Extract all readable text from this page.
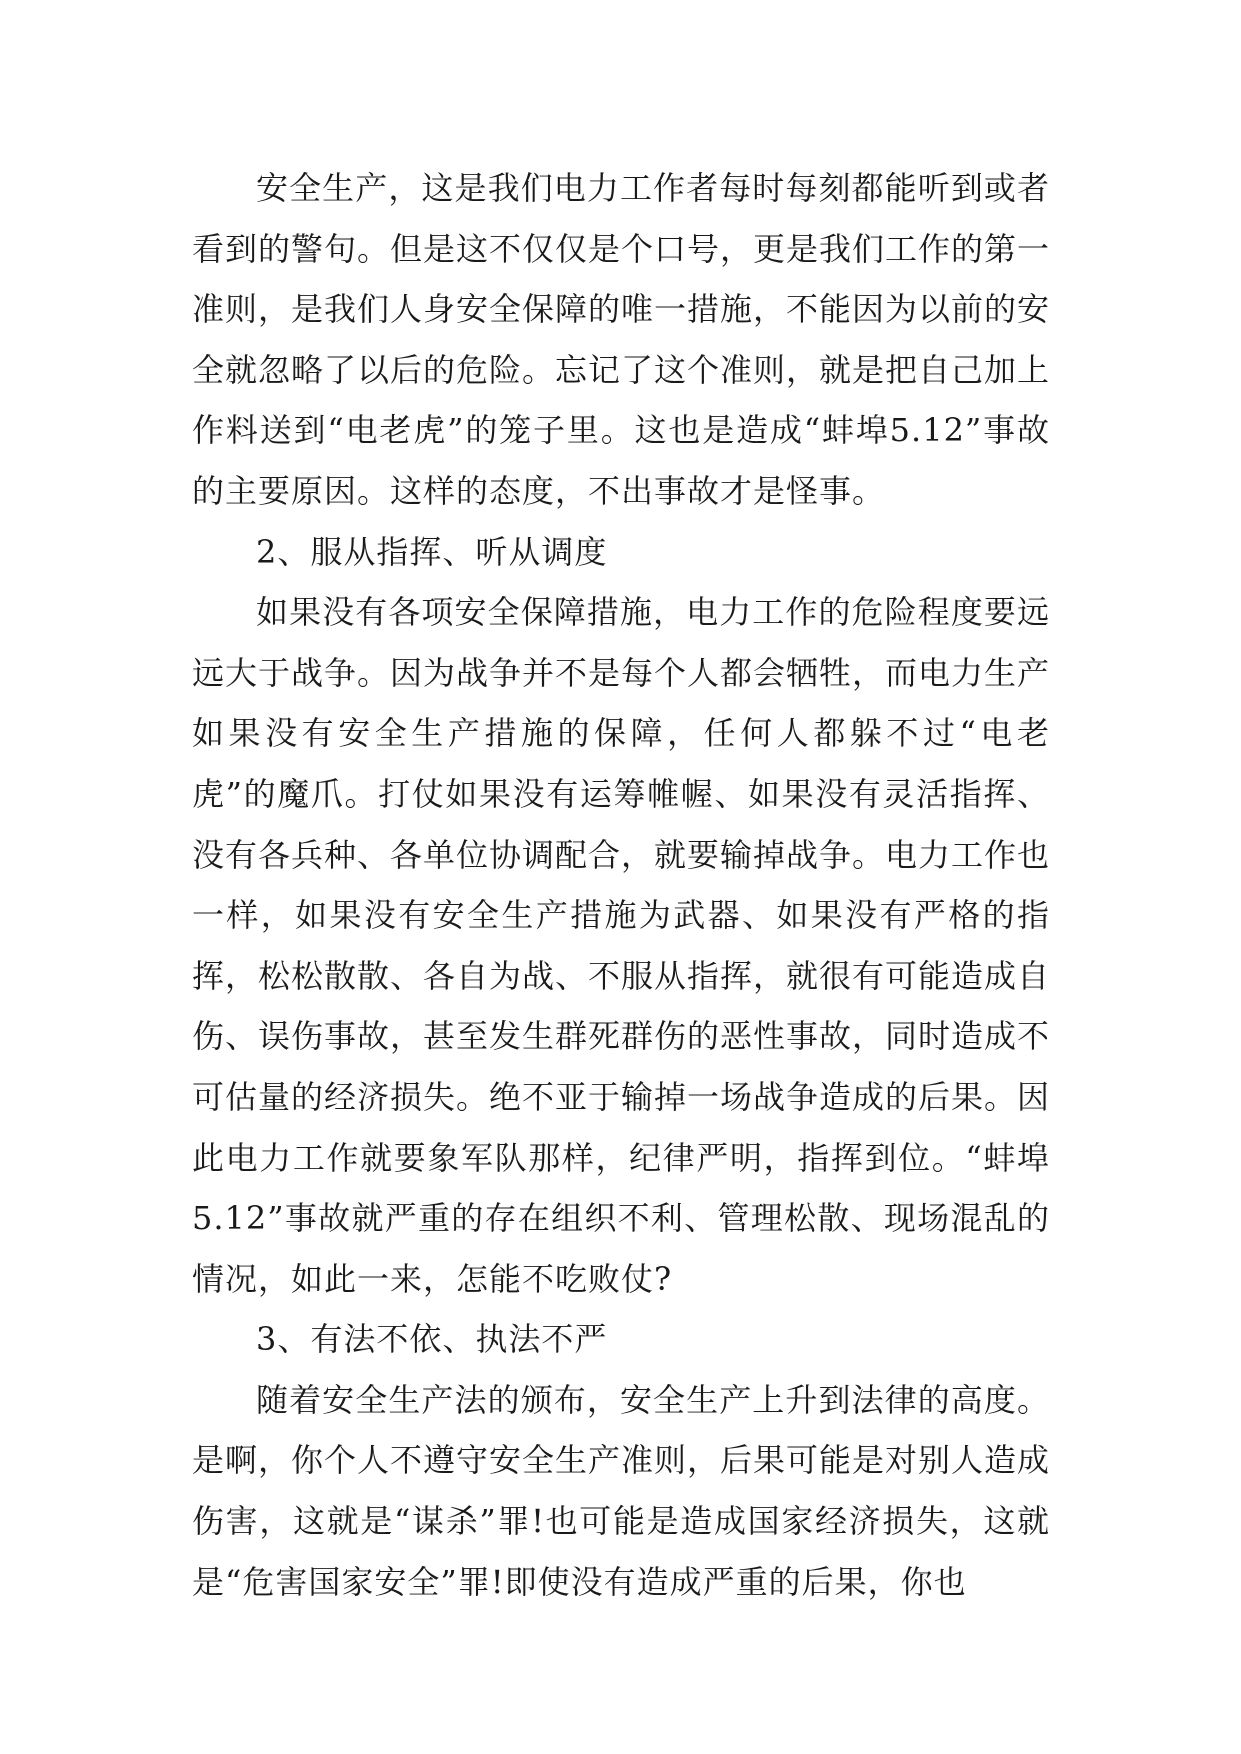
安全生产，这是我们电力工作者每时每刻都能听到或者看到的警句。但是这不仅仅是个口号，更是我们工作的第一准则，是我们人身安全保障的唯一措施，不能因为以前的安全就忽略了以后的危险。忘记了这个准则，就是把自己加上作料送到“电老虎”的笼子里。这也是造成“蚌埠5.12”事故的主要原因。这样的态度，不出事故才是怪事。

2、服从指挥、听从调度

如果没有各项安全保障措施，电力工作的危险程度要远远大于战争。因为战争并不是每个人都会牺牲，而电力生产如果没有安全生产措施的保障，任何人都躲不过“电老虎”的魔爪。打仗如果没有运筹帷幄、如果没有灵活指挥、没有各兵种、各单位协调配合，就要输掉战争。电力工作也一样，如果没有安全生产措施为武器、如果没有严格的指挥，松松散散、各自为战、不服从指挥，就很有可能造成自伤、误伤事故，甚至发生群死群伤的恶性事故，同时造成不可估量的经济损失。绝不亚于输掉一场战争造成的后果。因此电力工作就要象军队那样，纪律严明，指挥到位。“蚌埠5.12”事故就严重的存在组织不利、管理松散、现场混乱的情况，如此一来，怎能不吃败仗?

3、有法不依、执法不严

随着安全生产法的颁布，安全生产上升到法律的高度。是啊，你个人不遵守安全生产准则，后果可能是对别人造成伤害，这就是“谋杀”罪!也可能是造成国家经济损失，这就是“危害国家安全”罪!即使没有造成严重的后果，你也
